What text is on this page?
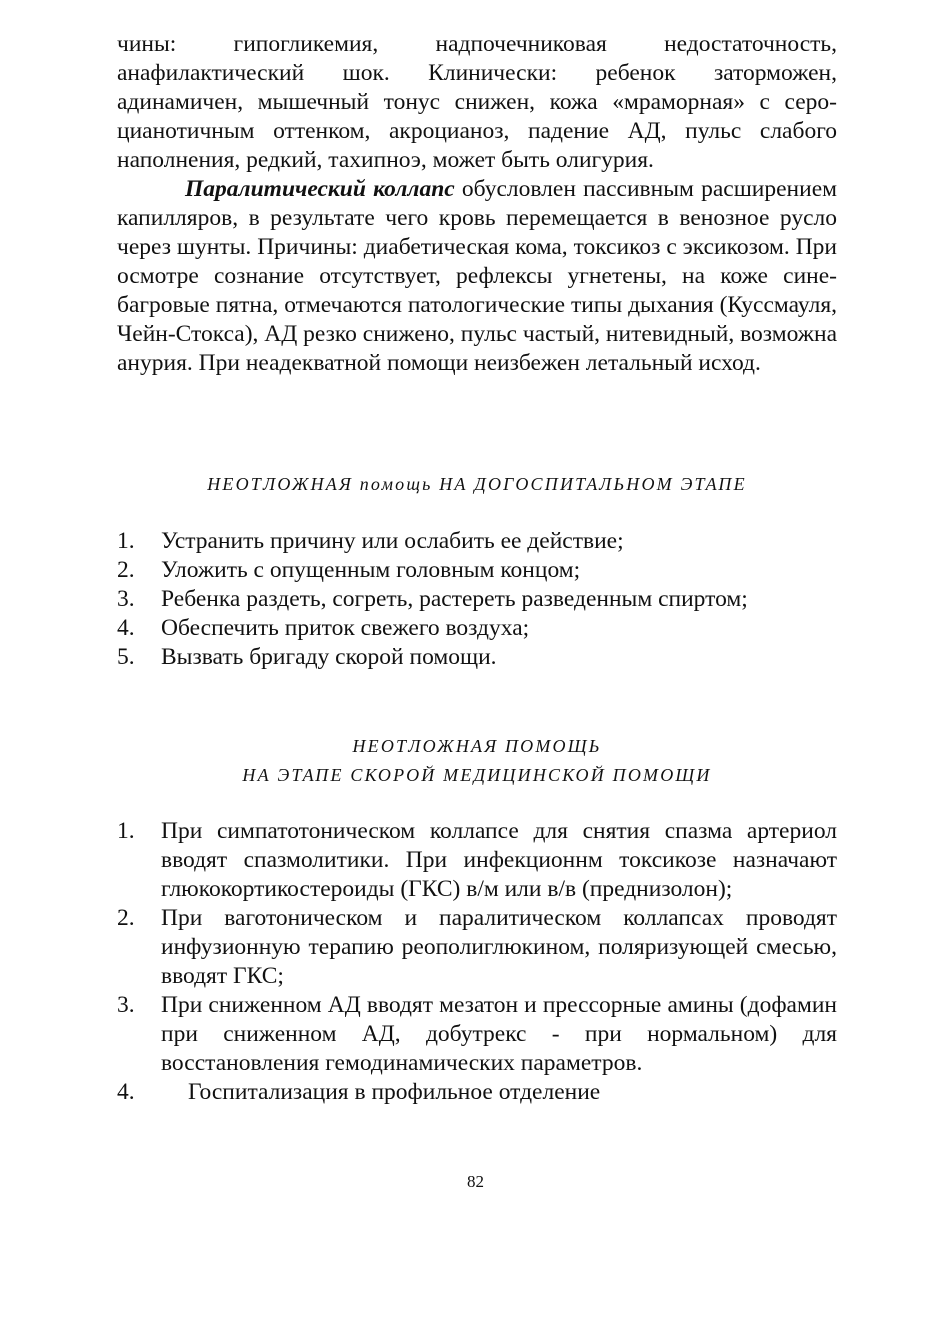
чины: гипогликемия, надпочечниковая недостаточность, анафилактический шок. Клинически: ребенок заторможен, адинамичен, мышечный тонус снижен, кожа «мраморная» с серо-цианотичным оттенком, акроцианоз, падение АД, пульс слабого наполнения, редкий, тахипноэ, может быть олигурия.

Паралитический коллапс обусловлен пассивным расширением капилляров, в результате чего кровь перемещается в венозное русло через шунты. Причины: диабетическая кома, токсикоз с эксикозом. При осмотре сознание отсутствует, рефлексы угнетены, на коже сине-багровые пятна, отмечаются патологические типы дыхания (Куссмауля, Чейн-Стокса), АД резко снижено, пульс частый, нитевидный, возможна анурия. При неадекватной помощи неизбежен летальный исход.

НЕОТЛОЖНАЯ помощь НА ДОГОСПИТАЛЬНОМ ЭТАПЕ
1. Устранить причину или ослабить ее действие;
2. Уложить с опущенным головным концом;
3. Ребенка раздеть, согреть, растереть разведенным спиртом;
4. Обеспечить приток свежего воздуха;
5. Вызвать бригаду скорой помощи.
НЕОТЛОЖНАЯ ПОМОЩЬ
НА ЭТАПЕ СКОРОЙ МЕДИЦИНСКОЙ ПОМОЩИ
1. При симпатотоническом коллапсе для снятия спазма артериол вводят спазмолитики. При инфекционнм токсикозе назначают глюкокортикостероиды (ГКС) в/м или в/в (преднизолон);
2. При ваготоническом и паралитическом коллапсах проводят инфузионную терапию реополиглюкином, поляризующей смесью, вводят ГКС;
3. При сниженном АД вводят мезатон и прессорные амины (дофамин при сниженном АД, добутрекс - при нормальном) для восстановления гемодинамических параметров.
4. Госпитализация в профильное отделение
82
